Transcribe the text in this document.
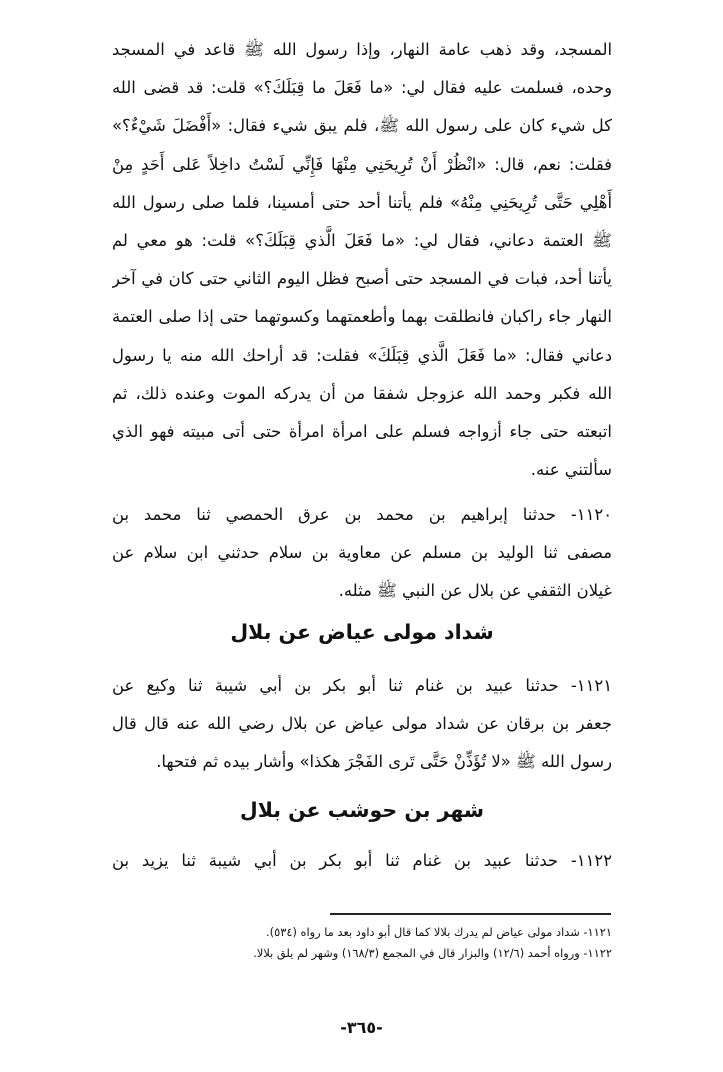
المسجد، وقد ذهب عامة النهار، وإذا رسول الله ﷺ قاعد في المسجد
وحده، فسلمت عليه فقال لي: «ما فَعَلَ ما قِبَلَكَ؟» قلت: قد قضى الله
كل شيء كان على رسول الله ﷺ، فلم يبق شيء فقال: «أَفْضَلَ شَيْءٌ؟»
فقلت: نعم، قال: «انْظُرْ أَنْ تُرِيحَنِي مِنْهَا فَإِنِّي لَسْتُ داخِلاً عَلى أَحَدٍ مِنْ
أَهْلِي حَتَّى تُرِيحَنِي مِنْهُ» فلم يأتنا أحد حتى أمسينا، فلما صلى رسول الله
ﷺ العتمة دعاني، فقال لي: «ما فَعَلَ الَّذي قِبَلَكَ؟» قلت: هو معي لم
يأتنا أحد، فبات في المسجد حتى أصبح فظل اليوم الثاني حتى كان في آخر
النهار جاء راكبان فانطلقت بهما وأطعمتهما وكسوتهما حتى إذا صلى العتمة
دعاني فقال: «ما فَعَلَ الَّذي قِبَلَكَ» فقلت: قد أراحك الله منه يا رسول
الله فكبر وحمد الله عزوجل شفقا من أن يدركه الموت وعنده ذلك، ثم
اتبعته حتى جاء أزواجه فسلم على امرأة امرأة حتى أتى مبيته فهو الذي
سألتني عنه.
١١٢٠- حدثنا إبراهيم بن محمد بن عرق الحمصي ثنا محمد بن
مصفى ثنا الوليد بن مسلم عن معاوية بن سلام حدثني ابن سلام عن
غيلان الثقفي عن بلال عن النبي ﷺ مثله.
شداد مولى عياض عن بلال
١١٢١- حدثنا عبيد بن غنام ثنا أبو بكر بن أبي شيبة ثنا وكيع عن
جعفر بن برقان عن شداد مولى عياض عن بلال رضي الله عنه قال قال
رسول الله ﷺ «لا تُؤَذِّنْ حَتَّى تَرى الفَجْرَ هكذا» وأشار بيده ثم فتحها.
شهر بن حوشب عن بلال
١١٢٢- حدثنا عبيد بن غنام ثنا أبو بكر بن أبي شيبة ثنا يزيد بن
١١٢١- شداد مولى عياض لم يدرك بلالا كما قال أبو داود بعد ما رواه (٥٣٤).
١١٢٢- ورواه أحمد (١٢/٦) والبزار قال في المجمع (١٦٨/٣) وشهر لم يلق بلالا.
-٣٦٥-
